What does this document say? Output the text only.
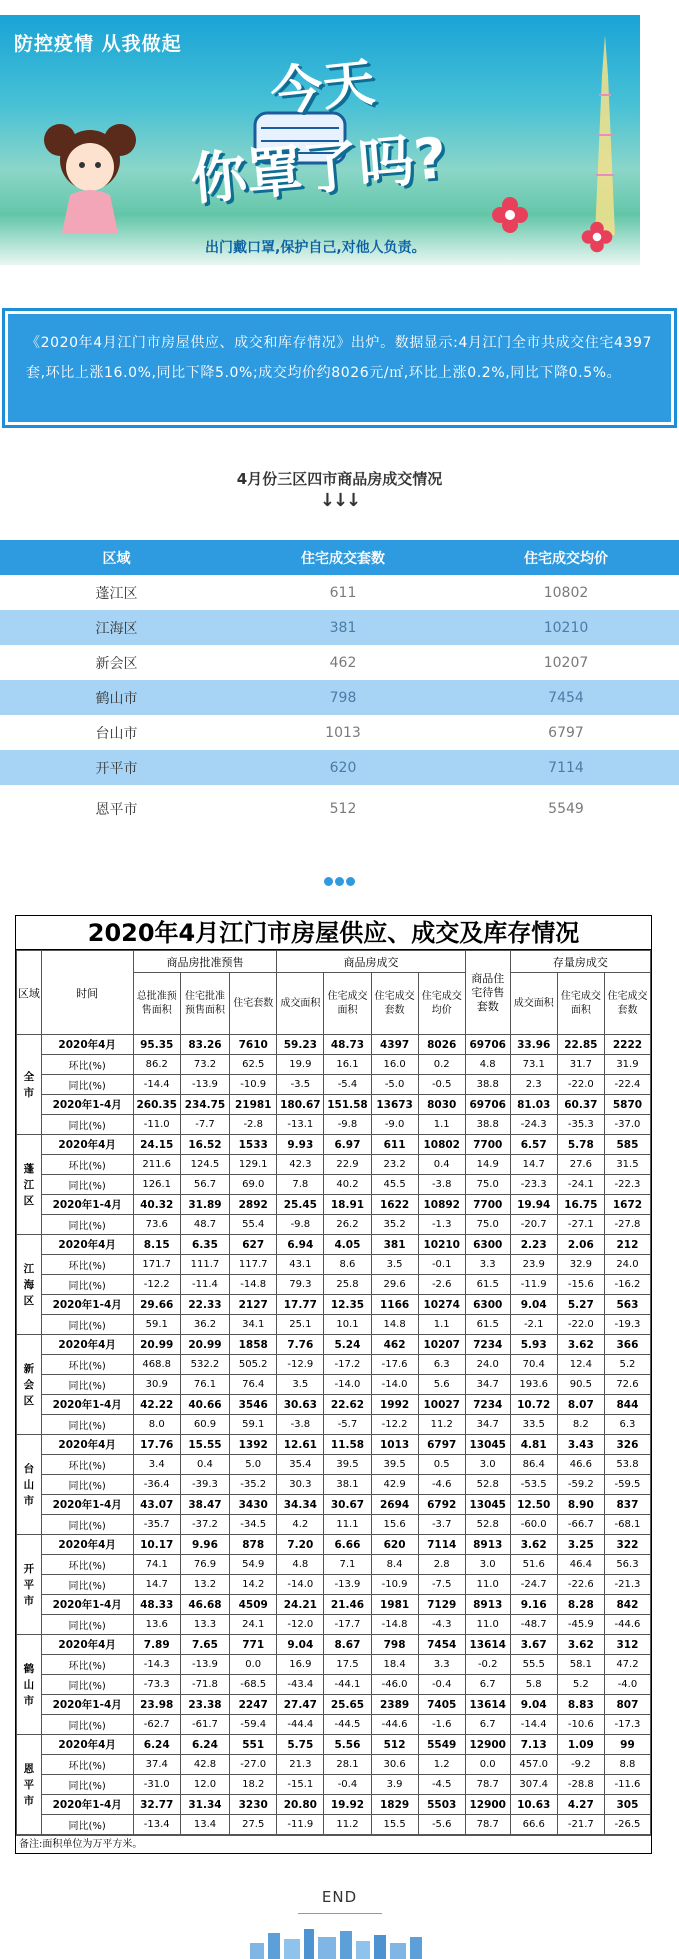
防控疫情 从我做起
今天
你罩了吗?
出门戴口罩,保护自己,对他人负责。
《2020年4月江门市房屋供应、成交和库存情况》出炉。数据显示:4月江门全市共成交住宅4397套,环比上涨16.0%,同比下降5.0%;成交均价约8026元/㎡,环比上涨0.2%,同比下降0.5%。
4月份三区四市商品房成交情况
↓↓↓
区域	住宅成交套数	住宅成交均价
蓬江区	611	10802
江海区	381	10210
新会区	462	10207
鹤山市	798	7454
台山市	1013	6797
开平市	620	7114
恩平市	512	5549
2020年4月江门市房屋供应、成交及库存情况
区域	时间	商品房批准预售			商品房成交				商品住宅待售套数	存量房成交		
		总批准预售面积	住宅批准预售面积	住宅套数	成交面积	住宅成交面积	住宅成交套数	住宅成交均价		成交面积	住宅成交面积	住宅成交套数
全市	2020年4月	95.35	83.26	7610	59.23	48.73	4397	8026	69706	33.96	22.85	2222
	环比(%)	86.2	73.2	62.5	19.9	16.1	16.0	0.2	4.8	73.1	31.7	31.9
	同比(%)	-14.4	-13.9	-10.9	-3.5	-5.4	-5.0	-0.5	38.8	2.3	-22.0	-22.4
	2020年1-4月	260.35	234.75	21981	180.67	151.58	13673	8030	69706	81.03	60.37	5870
	同比(%)	-11.0	-7.7	-2.8	-13.1	-9.8	-9.0	1.1	38.8	-24.3	-35.3	-37.0
蓬江区	2020年4月	24.15	16.52	1533	9.93	6.97	611	10802	7700	6.57	5.78	585
	环比(%)	211.6	124.5	129.1	42.3	22.9	23.2	0.4	14.9	14.7	27.6	31.5
	同比(%)	126.1	56.7	69.0	7.8	40.2	45.5	-3.8	75.0	-23.3	-24.1	-22.3
	2020年1-4月	40.32	31.89	2892	25.45	18.91	1622	10892	7700	19.94	16.75	1672
	同比(%)	73.6	48.7	55.4	-9.8	26.2	35.2	-1.3	75.0	-20.7	-27.1	-27.8
江海区	2020年4月	8.15	6.35	627	6.94	4.05	381	10210	6300	2.23	2.06	212
	环比(%)	171.7	111.7	117.7	43.1	8.6	3.5	-0.1	3.3	23.9	32.9	24.0
	同比(%)	-12.2	-11.4	-14.8	79.3	25.8	29.6	-2.6	61.5	-11.9	-15.6	-16.2
	2020年1-4月	29.66	22.33	2127	17.77	12.35	1166	10274	6300	9.04	5.27	563
	同比(%)	59.1	36.2	34.1	25.1	10.1	14.8	1.1	61.5	-2.1	-22.0	-19.3
新会区	2020年4月	20.99	20.99	1858	7.76	5.24	462	10207	7234	5.93	3.62	366
	环比(%)	468.8	532.2	505.2	-12.9	-17.2	-17.6	6.3	24.0	70.4	12.4	5.2
	同比(%)	30.9	76.1	76.4	3.5	-14.0	-14.0	5.6	34.7	193.6	90.5	72.6
	2020年1-4月	42.22	40.66	3546	30.63	22.62	1992	10027	7234	10.72	8.07	844
	同比(%)	8.0	60.9	59.1	-3.8	-5.7	-12.2	11.2	34.7	33.5	8.2	6.3
台山市	2020年4月	17.76	15.55	1392	12.61	11.58	1013	6797	13045	4.81	3.43	326
	环比(%)	3.4	0.4	5.0	35.4	39.5	39.5	0.5	3.0	86.4	46.6	53.8
	同比(%)	-36.4	-39.3	-35.2	30.3	38.1	42.9	-4.6	52.8	-53.5	-59.2	-59.5
	2020年1-4月	43.07	38.47	3430	34.34	30.67	2694	6792	13045	12.50	8.90	837
	同比(%)	-35.7	-37.2	-34.5	4.2	11.1	15.6	-3.7	52.8	-60.0	-66.7	-68.1
开平市	2020年4月	10.17	9.96	878	7.20	6.66	620	7114	8913	3.62	3.25	322
	环比(%)	74.1	76.9	54.9	4.8	7.1	8.4	2.8	3.0	51.6	46.4	56.3
	同比(%)	14.7	13.2	14.2	-14.0	-13.9	-10.9	-7.5	11.0	-24.7	-22.6	-21.3
	2020年1-4月	48.33	46.68	4509	24.21	21.46	1981	7129	8913	9.16	8.28	842
	同比(%)	13.6	13.3	24.1	-12.0	-17.7	-14.8	-4.3	11.0	-48.7	-45.9	-44.6
鹤山市	2020年4月	7.89	7.65	771	9.04	8.67	798	7454	13614	3.67	3.62	312
	环比(%)	-14.3	-13.9	0.0	16.9	17.5	18.4	3.3	-0.2	55.5	58.1	47.2
	同比(%)	-73.3	-71.8	-68.5	-43.4	-44.1	-46.0	-0.4	6.7	5.8	5.2	-4.0
	2020年1-4月	23.98	23.38	2247	27.47	25.65	2389	7405	13614	9.04	8.83	807
	同比(%)	-62.7	-61.7	-59.4	-44.4	-44.5	-44.6	-1.6	6.7	-14.4	-10.6	-17.3
恩平市	2020年4月	6.24	6.24	551	5.75	5.56	512	5549	12900	7.13	1.09	99
	环比(%)	37.4	42.8	-27.0	21.3	28.1	30.6	1.2	0.0	457.0	-9.2	8.8
	同比(%)	-31.0	12.0	18.2	-15.1	-0.4	3.9	-4.5	78.7	307.4	-28.8	-11.6
	2020年1-4月	32.77	31.34	3230	20.80	19.92	1829	5503	12900	10.63	4.27	305
	同比(%)	-13.4	13.4	27.5	-11.9	11.2	15.5	-5.6	78.7	66.6	-21.7	-26.5
备注:面积单位为万平方米。
END
